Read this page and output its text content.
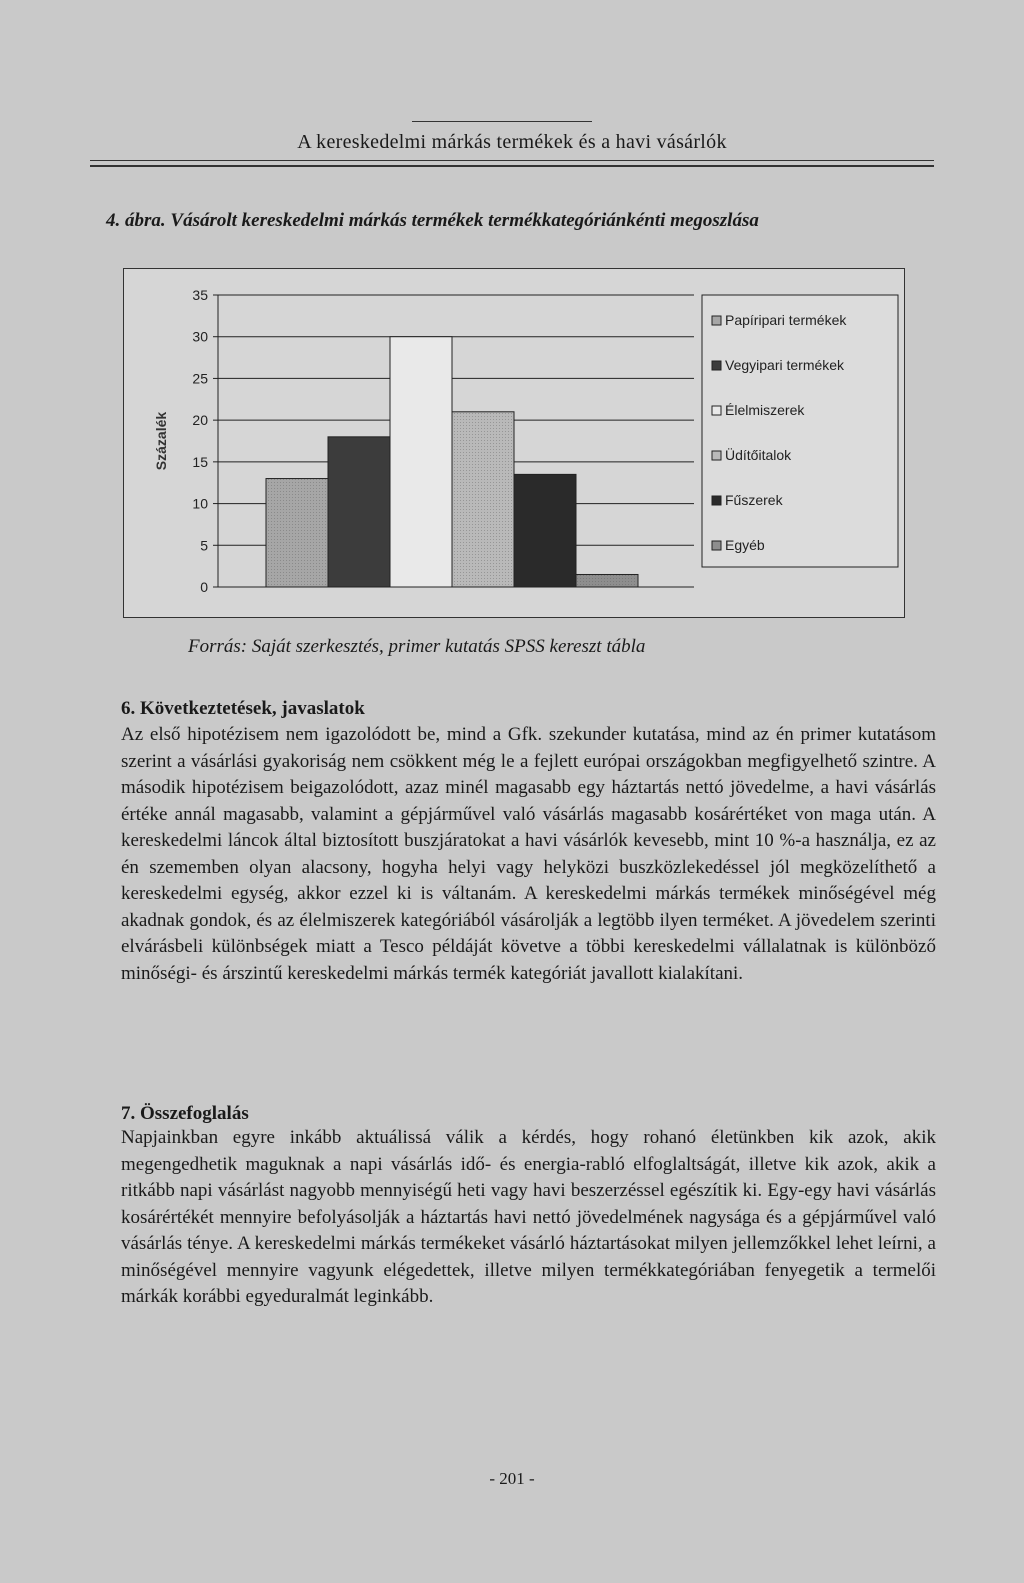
A kereskedelmi márkás termékek és a havi vásárlók
4. ábra. Vásárolt kereskedelmi márkás termékek termékkategóriánkénti megoszlása
0
5
10
15
20
25
30
35
Százalék
Papíripari termékek
Vegyipari termékek
Élelmiszerek
Üdítőitalok
Fűszerek
Egyéb
Forrás: Saját szerkesztés, primer kutatás SPSS kereszt tábla
6. Következtetések, javaslatok

Az első hipotézisem nem igazolódott be, mind a Gfk. szekunder kutatása, mind az én primer kutatásom szerint a vásárlási gyakoriság nem csökkent még le a fejlett európai országokban megfigyelhető szintre. A második hipotézisem beigazolódott, azaz minél magasabb egy háztartás nettó jövedelme, a havi vásárlás értéke annál magasabb, valamint a gépjárművel való vásárlás magasabb kosárértéket von maga után. A kereskedelmi láncok által biztosított buszjáratokat a havi vásárlók kevesebb, mint 10 %-a használja, ez az én szememben olyan alacsony, hogyha helyi vagy helyközi buszközlekedéssel jól megközelíthető a kereskedelmi egység, akkor ezzel ki is váltanám. A kereskedelmi márkás termékek minőségével még akadnak gondok, és az élelmiszerek kategóriából vásárolják a legtöbb ilyen terméket. A jövedelem szerinti elvárásbeli különbségek miatt a Tesco példáját követve a többi kereskedelmi vállalatnak is különböző minőségi- és árszintű kereskedelmi márkás termék kategóriát javallott kialakítani.

7. Összefoglalás

Napjainkban egyre inkább aktuálissá válik a kérdés, hogy rohanó életünkben kik azok, akik megengedhetik maguknak a napi vásárlás idő- és energia-rabló elfoglaltságát, illetve kik azok, akik a ritkább napi vásárlást nagyobb mennyiségű heti vagy havi beszerzéssel egészítik ki. Egy-egy havi vásárlás kosárértékét mennyire befolyásolják a háztartás havi nettó jövedelmének nagysága és a gépjárművel való vásárlás ténye. A kereskedelmi márkás termékeket vásárló háztartásokat milyen jellemzőkkel lehet leírni, a minőségével mennyire vagyunk elégedettek, illetve milyen termékkategóriában fenyegetik a termelői márkák korábbi egyeduralmát leginkább.

- 201 -
